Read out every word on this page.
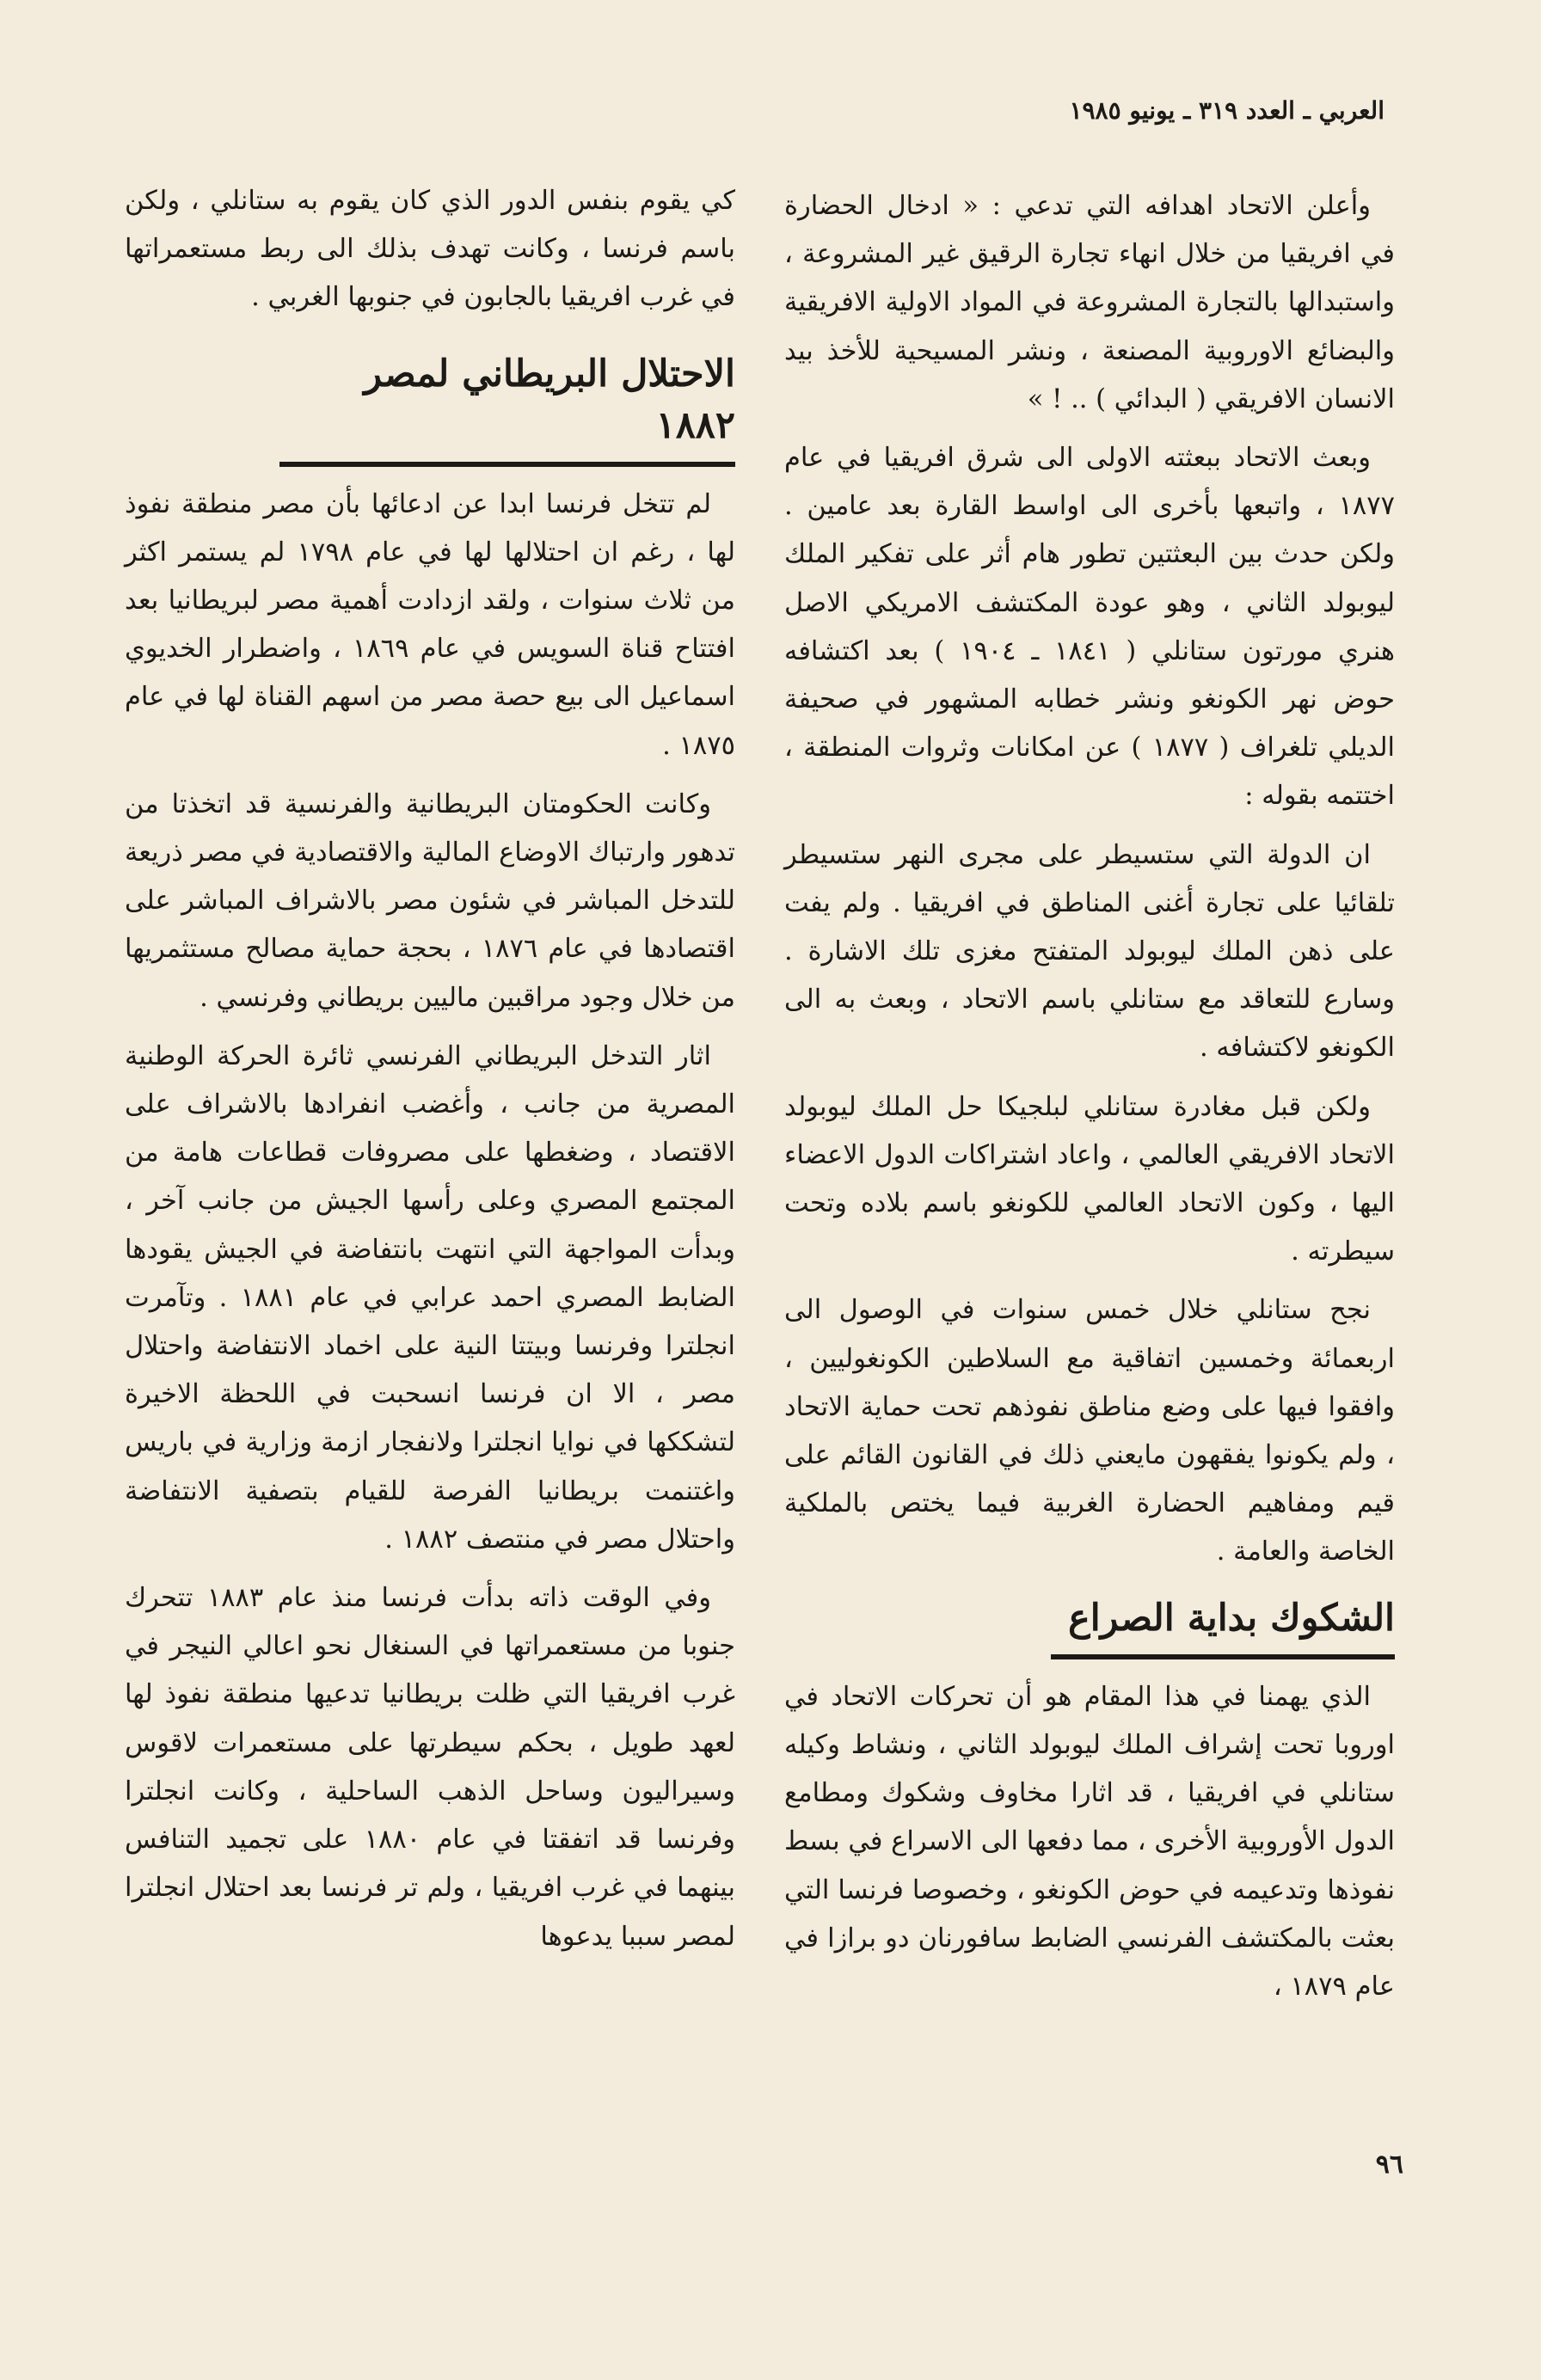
العربي ـ العدد ٣١٩ ـ يونيو ١٩٨٥

وأعلن الاتحاد اهدافه التي تدعي : « ادخال الحضارة في افريقيا من خلال انهاء تجارة الرقيق غير المشروعة ، واستبدالها بالتجارة المشروعة في المواد الاولية الافريقية والبضائع الاوروبية المصنعة ، ونشر المسيحية للأخذ بيد الانسان الافريقي ( البدائي ) .. ! »

وبعث الاتحاد ببعثته الاولى الى شرق افريقيا في عام ١٨٧٧ ، واتبعها بأخرى الى اواسط القارة بعد عامين . ولكن حدث بين البعثتين تطور هام أثر على تفكير الملك ليوبولد الثاني ، وهو عودة المكتشف الامريكي الاصل هنري مورتون ستانلي ( ١٨٤١ ـ ١٩٠٤ ) بعد اكتشافه حوض نهر الكونغو ونشر خطابه المشهور في صحيفة الديلي تلغراف ( ١٨٧٧ ) عن امكانات وثروات المنطقة ، اختتمه بقوله :

ان الدولة التي ستسيطر على مجرى النهر ستسيطر تلقائيا على تجارة أغنى المناطق في افريقيا . ولم يفت على ذهن الملك ليوبولد المتفتح مغزى تلك الاشارة . وسارع للتعاقد مع ستانلي باسم الاتحاد ، وبعث به الى الكونغو لاكتشافه .

ولكن قبل مغادرة ستانلي لبلجيكا حل الملك ليوبولد الاتحاد الافريقي العالمي ، واعاد اشتراكات الدول الاعضاء اليها ، وكون الاتحاد العالمي للكونغو باسم بلاده وتحت سيطرته .

نجح ستانلي خلال خمس سنوات في الوصول الى اربعمائة وخمسين اتفاقية مع السلاطين الكونغوليين ، وافقوا فيها على وضع مناطق نفوذهم تحت حماية الاتحاد ، ولم يكونوا يفقهون مايعني ذلك في القانون القائم على قيم ومفاهيم الحضارة الغربية فيما يختص بالملكية الخاصة والعامة .

الشكوك بداية الصراع

الذي يهمنا في هذا المقام هو أن تحركات الاتحاد في اوروبا تحت إشراف الملك ليوبولد الثاني ، ونشاط وكيله ستانلي في افريقيا ، قد اثارا مخاوف وشكوك ومطامع الدول الأوروبية الأخرى ، مما دفعها الى الاسراع في بسط نفوذها وتدعيمه في حوض الكونغو ، وخصوصا فرنسا التي بعثت بالمكتشف الفرنسي الضابط سافورنان دو برازا في عام ١٨٧٩ ،

كي يقوم بنفس الدور الذي كان يقوم به ستانلي ، ولكن باسم فرنسا ، وكانت تهدف بذلك الى ربط مستعمراتها في غرب افريقيا بالجابون في جنوبها الغربي .

الاحتلال البريطاني لمصر ١٨٨٢

لم تتخل فرنسا ابدا عن ادعائها بأن مصر منطقة نفوذ لها ، رغم ان احتلالها لها في عام ١٧٩٨ لم يستمر اكثر من ثلاث سنوات ، ولقد ازدادت أهمية مصر لبريطانيا بعد افتتاح قناة السويس في عام ١٨٦٩ ، واضطرار الخديوي اسماعيل الى بيع حصة مصر من اسهم القناة لها في عام ١٨٧٥ .

وكانت الحكومتان البريطانية والفرنسية قد اتخذتا من تدهور وارتباك الاوضاع المالية والاقتصادية في مصر ذريعة للتدخل المباشر في شئون مصر بالاشراف المباشر على اقتصادها في عام ١٨٧٦ ، بحجة حماية مصالح مستثمريها من خلال وجود مراقبين ماليين بريطاني وفرنسي .

اثار التدخل البريطاني الفرنسي ثائرة الحركة الوطنية المصرية من جانب ، وأغضب انفرادها بالاشراف على الاقتصاد ، وضغطها على مصروفات قطاعات هامة من المجتمع المصري وعلى رأسها الجيش من جانب آخر ، وبدأت المواجهة التي انتهت بانتفاضة في الجيش يقودها الضابط المصري احمد عرابي في عام ١٨٨١ . وتآمرت انجلترا وفرنسا وبيتتا النية على اخماد الانتفاضة واحتلال مصر ، الا ان فرنسا انسحبت في اللحظة الاخيرة لتشككها في نوايا انجلترا ولانفجار ازمة وزارية في باريس واغتنمت بريطانيا الفرصة للقيام بتصفية الانتفاضة واحتلال مصر في منتصف ١٨٨٢ .

وفي الوقت ذاته بدأت فرنسا منذ عام ١٨٨٣ تتحرك جنوبا من مستعمراتها في السنغال نحو اعالي النيجر في غرب افريقيا التي ظلت بريطانيا تدعيها منطقة نفوذ لها لعهد طويل ، بحكم سيطرتها على مستعمرات لاقوس وسيراليون وساحل الذهب الساحلية ، وكانت انجلترا وفرنسا قد اتفقتا في عام ١٨٨٠ على تجميد التنافس بينهما في غرب افريقيا ، ولم تر فرنسا بعد احتلال انجلترا لمصر سببا يدعوها

٩٦
